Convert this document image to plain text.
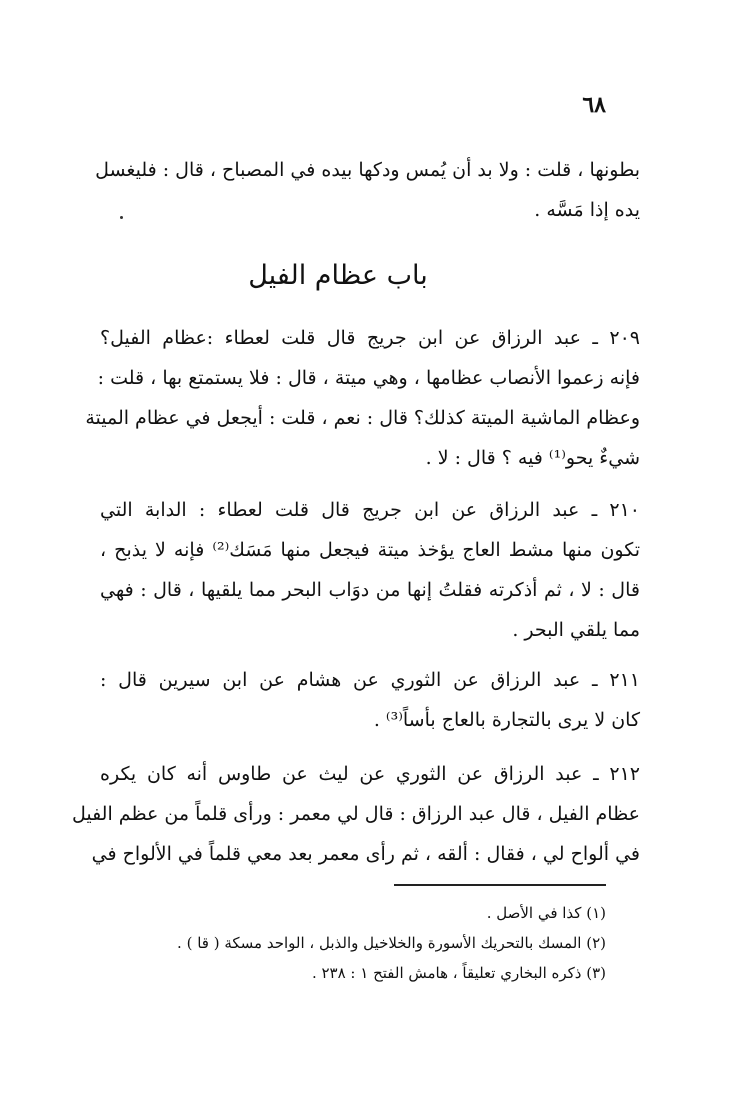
٦٨
بطونها ، قلت : ولا بد أن يُمس ودكها بيده في المصباح ، قال : فليغسل
يده إذا مَسَّه .
باب عظام الفيل
٢٠٩ ـ عبد الرزاق عن ابن جريج قال قلت لعطاء :عظام الفيل؟
فإنه زعموا الأنصاب عظامها ، وهي ميتة ، قال : فلا يستمتع بها ، قلت :
وعظام الماشية الميتة كذلك؟ قال : نعم ، قلت : أيجعل في عظام الميتة
شيءٌ يحو⁽¹⁾ فيه ؟ قال : لا .
٢١٠ ـ عبد الرزاق عن ابن جريج قال قلت لعطاء : الدابة التي
تكون منها مشط العاج يؤخذ ميتة فيجعل منها مَسَك⁽²⁾ فإنه لا يذبح ،
قال : لا ، ثم أذكرته فقلتُ إنها من دوَاب البحر مما يلقيها ، قال : فهي
مما يلقي البحر .
٢١١ ـ عبد الرزاق عن الثوري عن هشام عن ابن سيرين قال :
كان لا يرى بالتجارة بالعاج بأساً⁽³⁾ .
٢١٢ ـ عبد الرزاق عن الثوري عن ليث عن طاوس أنه كان يكره
عظام الفيل ، قال عبد الرزاق : قال لي معمر : ورأى قلماً من عظم الفيل
في ألواح لي ، فقال : ألقه ، ثم رأى معمر بعد معي قلماً في الألواح في
(١) كذا في الأصل .
(٢) المسك بالتحريك الأسورة والخلاخيل والذبل ، الواحد مسكة ( قا ) .
(٣) ذكره البخاري تعليقاً ، هامش الفتح ١ : ٢٣٨ .
